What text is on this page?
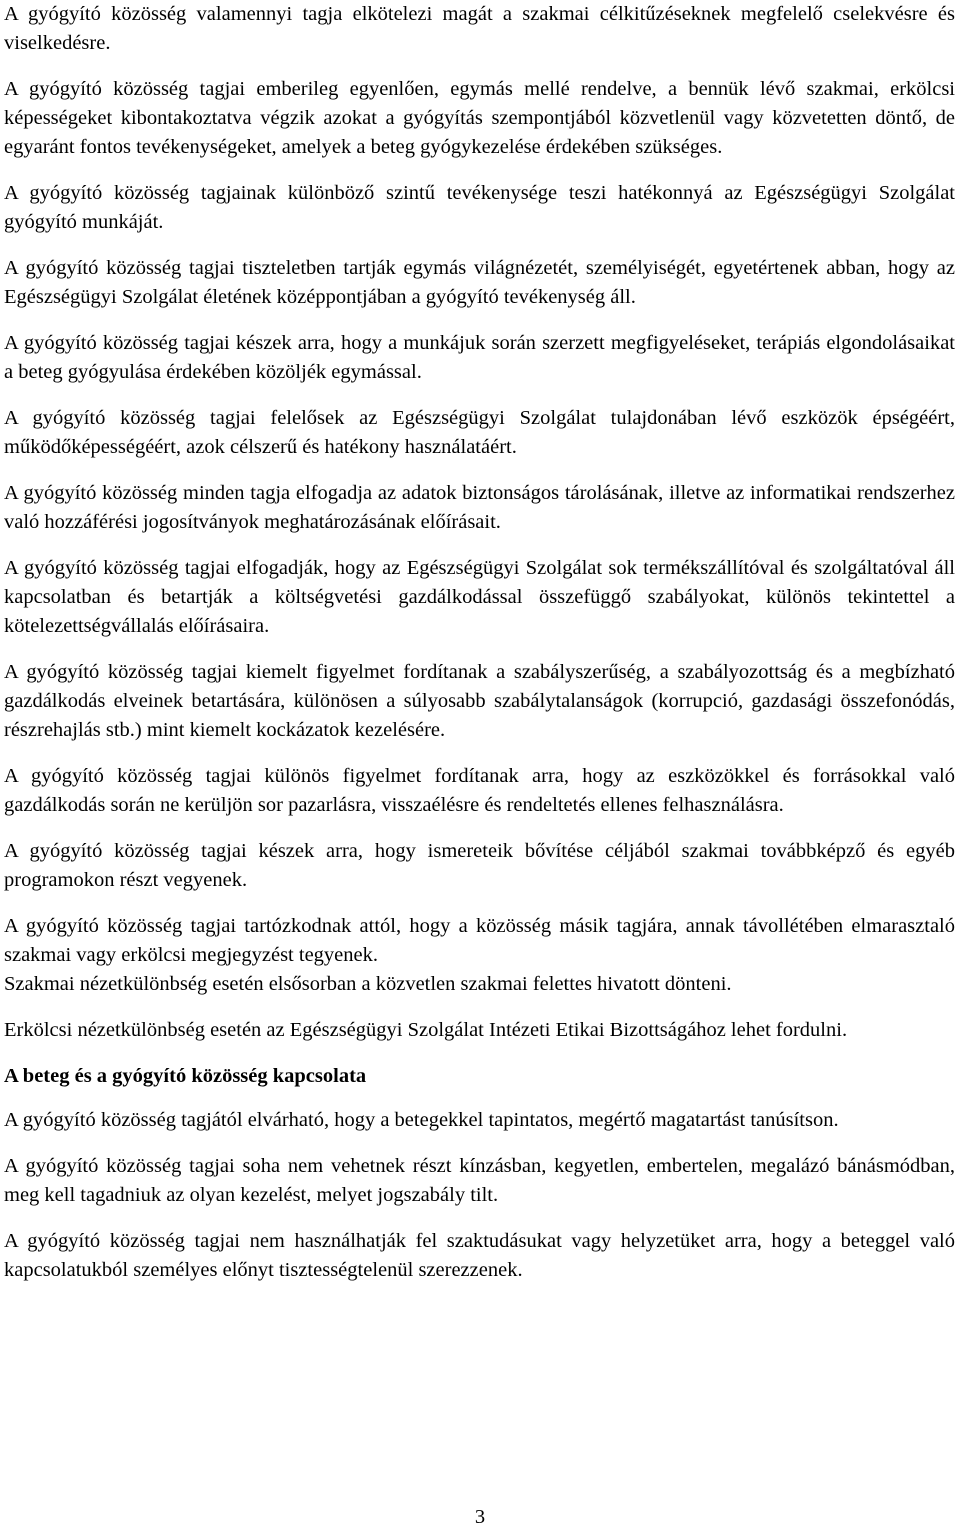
A gyógyító közösség valamennyi tagja elkötelezi magát a szakmai célkitűzéseknek megfelelő cselekvésre és viselkedésre.

A gyógyító közösség tagjai emberileg egyenlően, egymás mellé rendelve, a bennük lévő szakmai, erkölcsi képességeket kibontakoztatva végzik azokat a gyógyítás szempontjából közvetlenül vagy közvetetten döntő, de egyaránt fontos tevékenységeket, amelyek a beteg gyógykezelése érdekében szükséges.

A gyógyító közösség tagjainak különböző szintű tevékenysége teszi hatékonnyá az Egészségügyi Szolgálat gyógyító munkáját.

A gyógyító közösség tagjai tiszteletben tartják egymás világnézetét, személyiségét, egyetértenek abban, hogy az Egészségügyi Szolgálat életének középpontjában a gyógyító tevékenység áll.

A gyógyító közösség tagjai készek arra, hogy a munkájuk során szerzett megfigyeléseket, terápiás elgondolásaikat a beteg gyógyulása érdekében közöljék egymással.

A gyógyító közösség tagjai felelősek az Egészségügyi Szolgálat tulajdonában lévő eszközök épségéért, működőképességéért, azok célszerű és hatékony használatáért.

A gyógyító közösség minden tagja elfogadja az adatok biztonságos tárolásának, illetve az informatikai rendszerhez való hozzáférési jogosítványok meghatározásának előírásait.

A gyógyító közösség tagjai elfogadják, hogy az Egészségügyi Szolgálat sok termékszállítóval és szolgáltatóval áll kapcsolatban és betartják a költségvetési gazdálkodással összefüggő szabályokat, különös tekintettel a kötelezettségvállalás előírásaira.

A gyógyító közösség tagjai kiemelt figyelmet fordítanak a szabályszerűség, a szabályozottság és a megbízható gazdálkodás elveinek betartására, különösen a súlyosabb szabálytalanságok (korrupció, gazdasági összefonódás, részrehajlás stb.) mint kiemelt kockázatok kezelésére.

A gyógyító közösség tagjai különös figyelmet fordítanak arra, hogy az eszközökkel és forrásokkal való gazdálkodás során ne kerüljön sor pazarlásra, visszaélésre és rendeltetés ellenes felhasználásra.

A gyógyító közösség tagjai készek arra, hogy ismereteik bővítése céljából szakmai továbbképző és egyéb programokon részt vegyenek.

A gyógyító közösség tagjai tartózkodnak attól, hogy a közösség másik tagjára, annak távollétében elmarasztaló szakmai vagy erkölcsi megjegyzést tegyenek.

Szakmai nézetkülönbség esetén elsősorban a közvetlen szakmai felettes hivatott dönteni.

Erkölcsi nézetkülönbség esetén az Egészségügyi Szolgálat Intézeti Etikai Bizottságához lehet fordulni.

A beteg és a gyógyító közösség kapcsolata

A gyógyító közösség tagjától elvárható, hogy a betegekkel tapintatos, megértő magatartást tanúsítson.

A gyógyító közösség tagjai soha nem vehetnek részt kínzásban, kegyetlen, embertelen, megalázó bánásmódban, meg kell tagadniuk az olyan kezelést, melyet jogszabály tilt.

A gyógyító közösség tagjai nem használhatják fel szaktudásukat vagy helyzetüket arra, hogy a beteggel való kapcsolatukból személyes előnyt tisztességtelenül szerezzenek.

3
